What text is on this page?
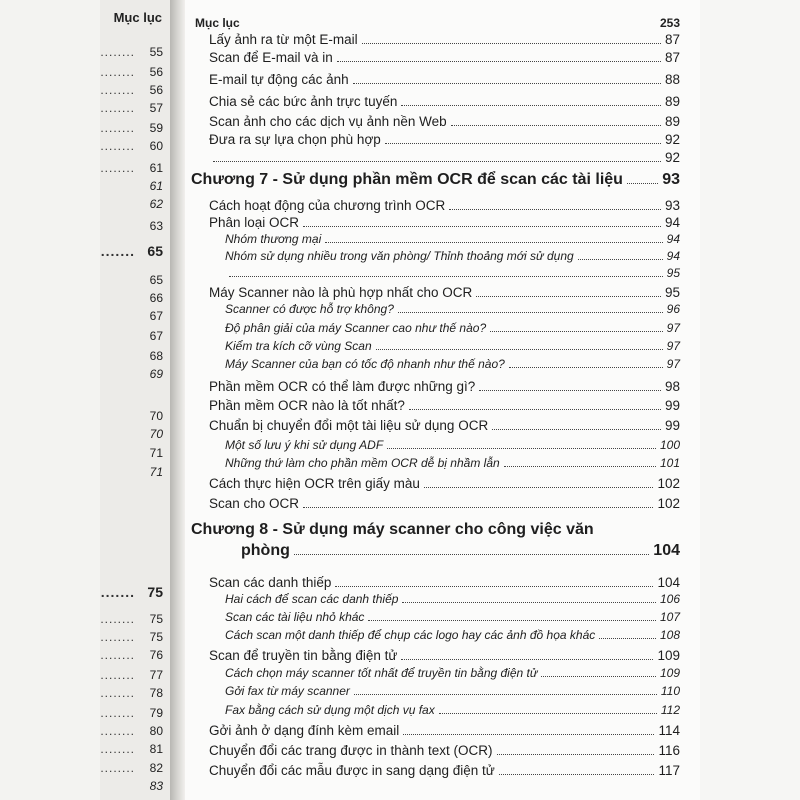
Mục lục
..... 55
..... 56
..... 56
..... 57
..... 59
..... 60
..... 61
61
62
63
..... 65
65
66
67
67
68
69
70
70
71
71
..... 75
..... 75
..... 75
..... 76
..... 77
..... 78
..... 79
..... 80
..... 81
..... 82
83
Mục lục	253
Lấy ảnh ra từ một E-mail	87
Scan để E-mail và in	87
E-mail tự động các ảnh	88
Chia sẻ các bức ảnh trực tuyến	89
Scan ảnh cho các dịch vụ ảnh nền Web	89
Đưa ra sự lựa chọn phù hợp	92
92
Chương 7 - Sử dụng phần mềm OCR để scan các tài liệu 93
Cách hoạt động của chương trình OCR	93
Phân loại OCR	94
Nhóm thương mại	94
Nhóm sử dụng nhiều trong văn phòng/ Thỉnh thoảng mới sử dụng	94
95
Máy Scanner nào là phù hợp nhất cho OCR	95
Scanner có được hỗ trợ không?	96
Độ phân giải của máy Scanner cao như thế nào?	97
Kiểm tra kích cỡ vùng Scan	97
Máy Scanner của bạn có tốc độ nhanh như thế nào?	97
Phần mềm OCR có thể làm được những gì?	98
Phần mềm OCR nào là tốt nhất?	99
Chuẩn bị chuyển đổi một tài liệu sử dụng OCR	99
Một số lưu ý khi sử dụng ADF	100
Những thứ làm cho phần mềm OCR dễ bị nhầm lẫn	101
Cách thực hiện OCR trên giấy màu	102
Scan cho OCR	102
Chương 8 - Sử dụng máy scanner cho công việc văn
phòng	104
Scan các danh thiếp	104
Hai cách để scan các danh thiếp	106
Scan các tài liệu nhỏ khác	107
Cách scan một danh thiếp để chụp các logo hay các ảnh đồ họa khác	108
Scan để truyền tin bằng điện tử	109
Cách chọn máy scanner tốt nhất để truyền tin bằng điện tử	109
Gởi fax từ máy scanner	110
Fax bằng cách sử dụng một dịch vụ fax	112
Gởi ảnh ở dạng đính kèm email	114
Chuyển đổi các trang được in thành text (OCR)	116
Chuyển đổi các mẫu được in sang dạng điện tử	117
